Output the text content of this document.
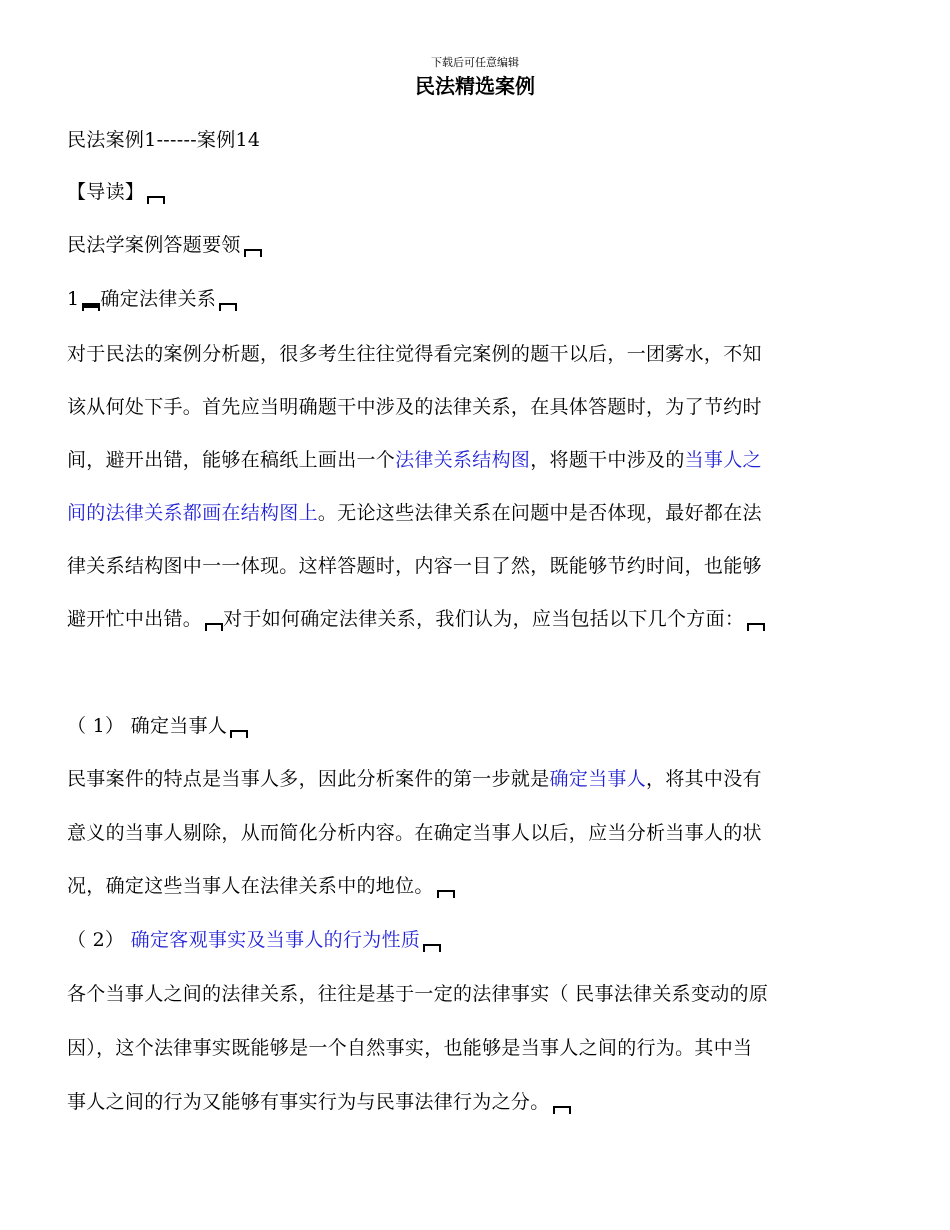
下载后可任意编辑
民法精选案例

民法案例1------案例14

【导读】

民法学案例答题要领

1 确定法律关系

对于民法的案例分析题，很多考生往往觉得看完案例的题干以后，一团雾水，不知

该从何处下手。首先应当明确题干中涉及的法律关系，在具体答题时，为了节约时

间，避开出错，能够在稿纸上画出一个法律关系结构图，将题干中涉及的当事人之

间的法律关系都画在结构图上。无论这些法律关系在问题中是否体现，最好都在法

律关系结构图中一一体现。这样答题时，内容一目了然，既能够节约时间，也能够

避开忙中出错。 对于如何确定法律关系，我们认为，应当包括以下几个方面：

（ 1） 确定当事人

民事案件的特点是当事人多，因此分析案件的第一步就是确定当事人，将其中没有

意义的当事人剔除，从而简化分析内容。在确定当事人以后，应当分析当事人的状

况，确定这些当事人在法律关系中的地位。

（ 2） 确定客观事实及当事人的行为性质

各个当事人之间的法律关系，往往是基于一定的法律事实（ 民事法律关系变动的原

因），这个法律事实既能够是一个自然事实，也能够是当事人之间的行为。其中当

事人之间的行为又能够有事实行为与民事法律行为之分。
